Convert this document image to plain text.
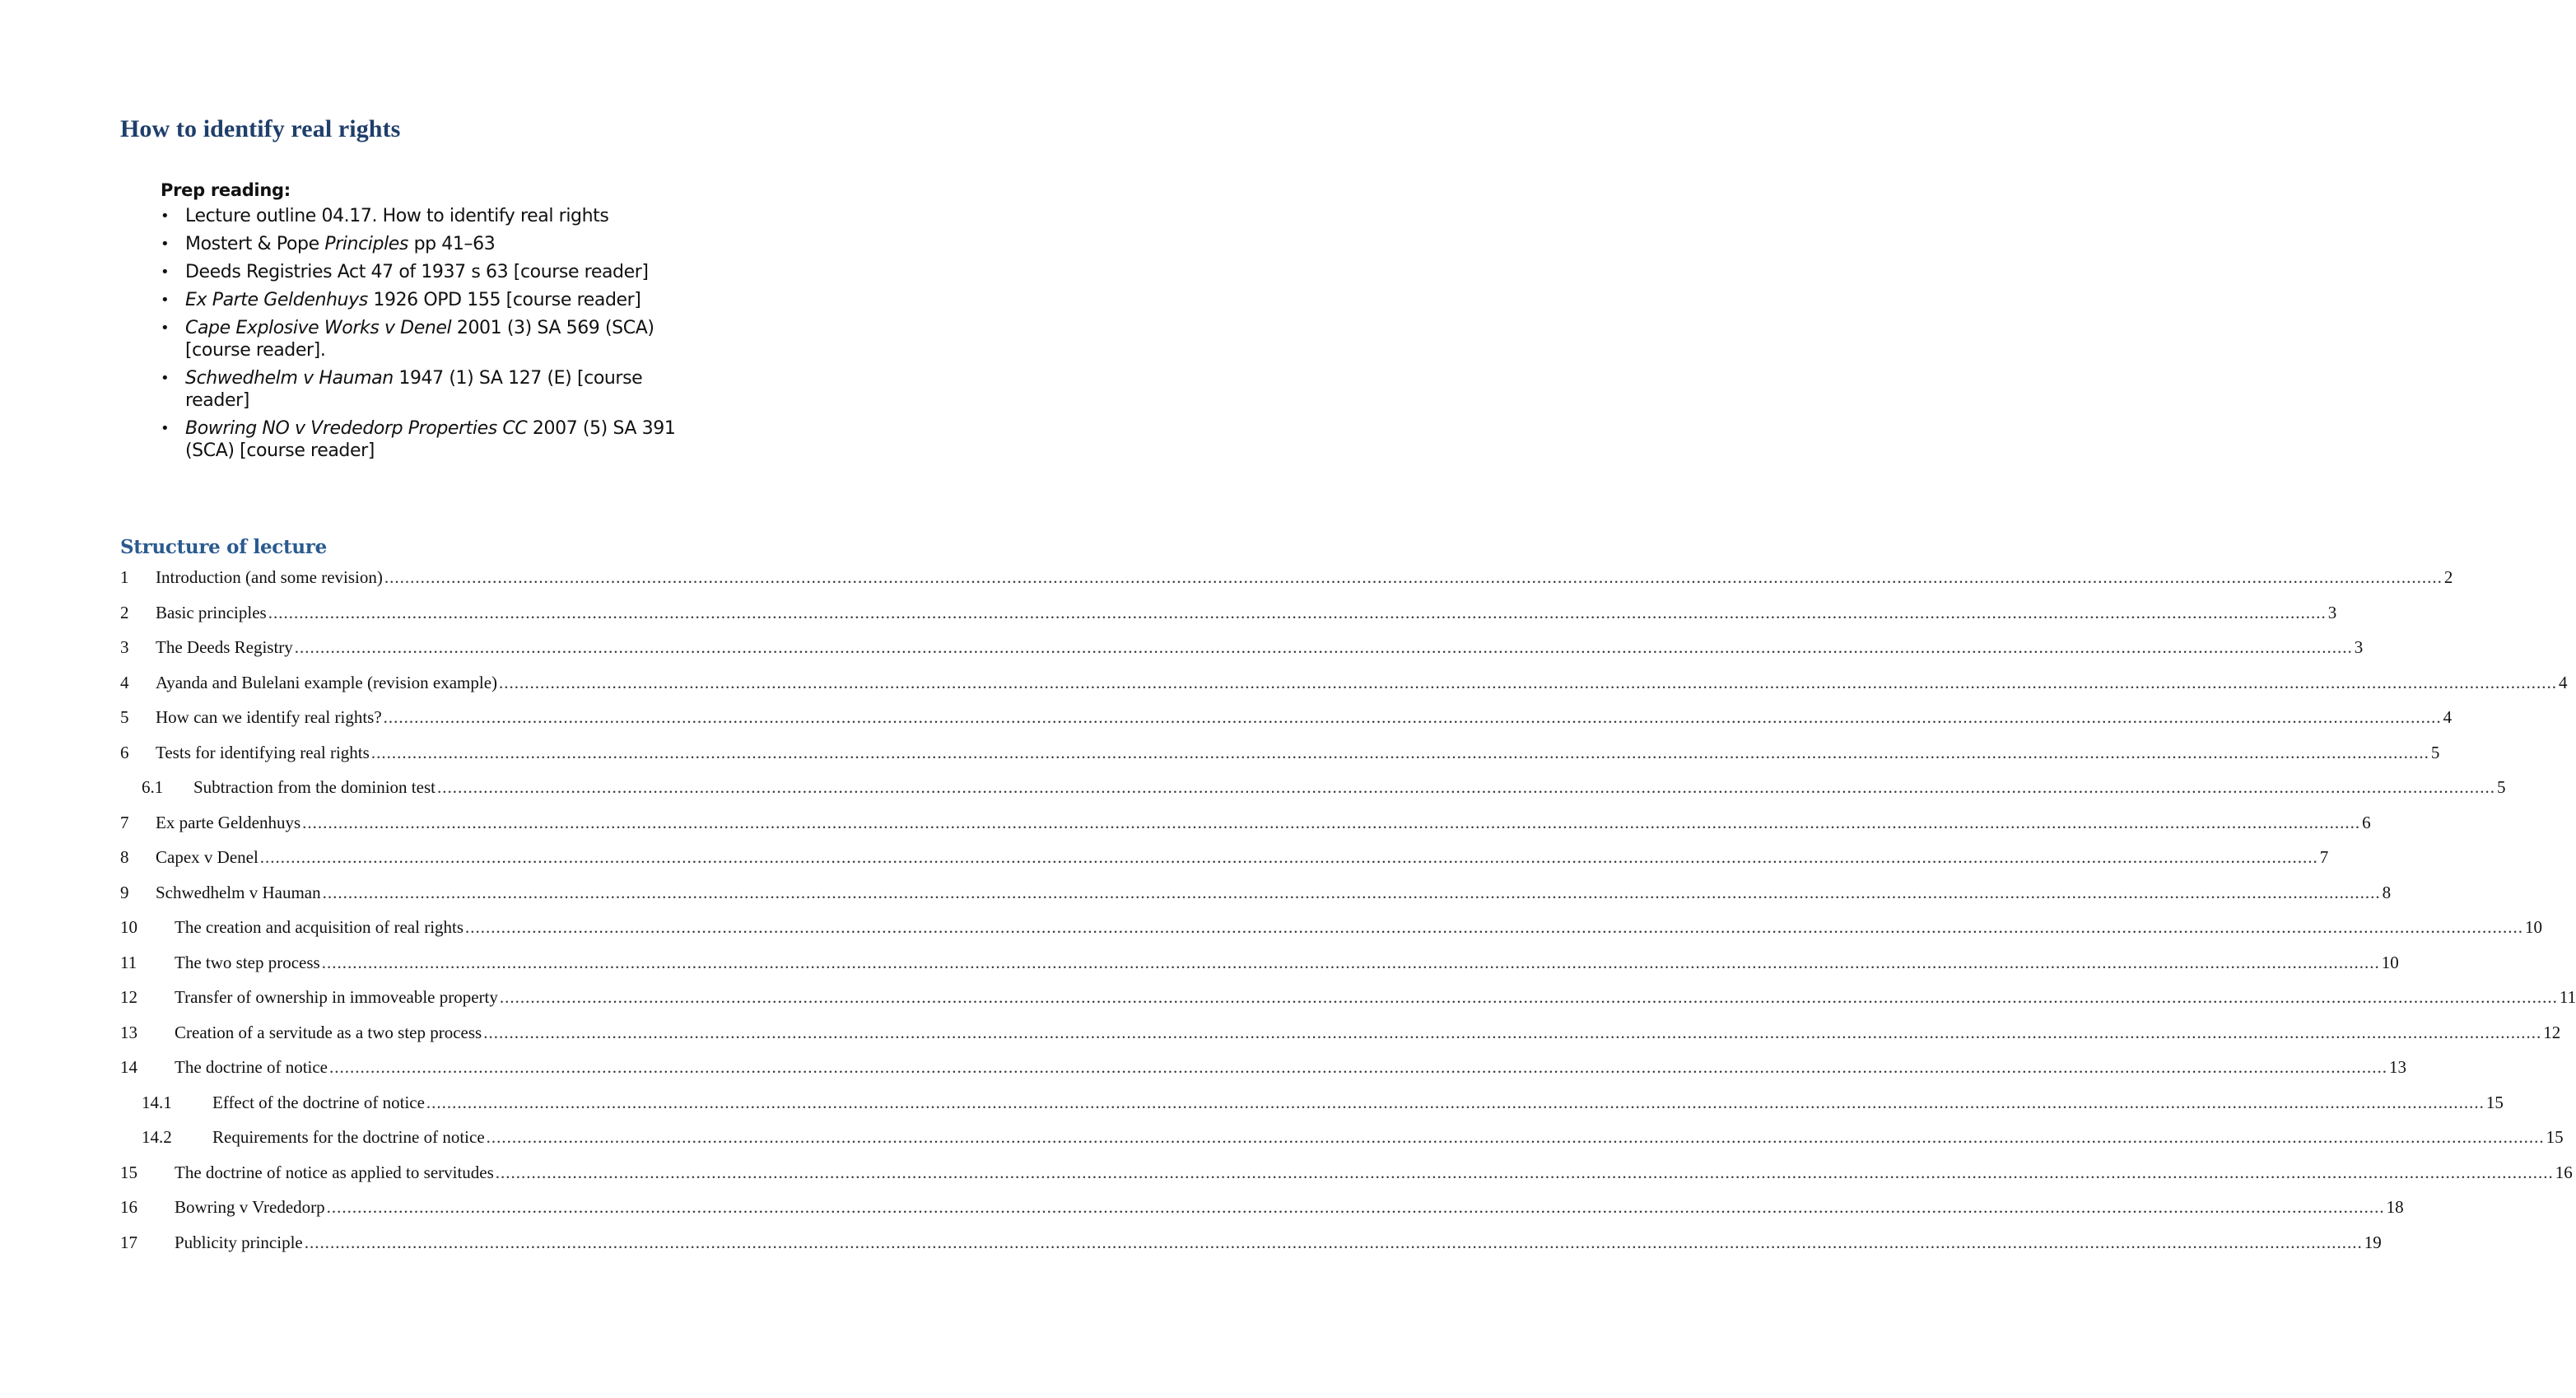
How to identify real rights
Prep reading:
• Lecture outline 04.17. How to identify real rights
• Mostert & Pope Principles pp 41–63
• Deeds Registries Act 47 of 1937 s 63 [course reader]
• Ex Parte Geldenhuys 1926 OPD 155 [course reader]
• Cape Explosive Works v Denel 2001 (3) SA 569 (SCA)
[course reader].
• Schwedhelm v Hauman 1947 (1) SA 127 (E) [course
reader]
• Bowring NO v Vrededorp Properties CC 2007 (5) SA 391
(SCA) [course reader]
Structure of lecture
1 Introduction (and some revision) ................................................................................................................................................................................................................................................................................................................................................................................................................ 2
2 Basic principles ................................................................................................................................................................................................................................................................................................................................................................................................................ 3
3 The Deeds Registry ................................................................................................................................................................................................................................................................................................................................................................................................................ 3
4 Ayanda and Bulelani example (revision example) ................................................................................................................................................................................................................................................................................................................................................................................................................ 4
5 How can we identify real rights? ................................................................................................................................................................................................................................................................................................................................................................................................................ 4
6 Tests for identifying real rights ................................................................................................................................................................................................................................................................................................................................................................................................................ 5
6.1 Subtraction from the dominion test ................................................................................................................................................................................................................................................................................................................................................................................................................ 5
7 Ex parte Geldenhuys ................................................................................................................................................................................................................................................................................................................................................................................................................ 6
8 Capex v Denel ................................................................................................................................................................................................................................................................................................................................................................................................................ 7
9 Schwedhelm v Hauman ................................................................................................................................................................................................................................................................................................................................................................................................................ 8
10 The creation and acquisition of real rights ................................................................................................................................................................................................................................................................................................................................................................................................................ 10
11 The two step process ................................................................................................................................................................................................................................................................................................................................................................................................................ 10
12 Transfer of ownership in immoveable property ................................................................................................................................................................................................................................................................................................................................................................................................................ 11
13 Creation of a servitude as a two step process ................................................................................................................................................................................................................................................................................................................................................................................................................ 12
14 The doctrine of notice ................................................................................................................................................................................................................................................................................................................................................................................................................ 13
14.1 Effect of the doctrine of notice ................................................................................................................................................................................................................................................................................................................................................................................................................ 15
14.2 Requirements for the doctrine of notice ................................................................................................................................................................................................................................................................................................................................................................................................................ 15
15 The doctrine of notice as applied to servitudes ................................................................................................................................................................................................................................................................................................................................................................................................................ 16
16 Bowring v Vrededorp ................................................................................................................................................................................................................................................................................................................................................................................................................ 18
17 Publicity principle ................................................................................................................................................................................................................................................................................................................................................................................................................ 19
